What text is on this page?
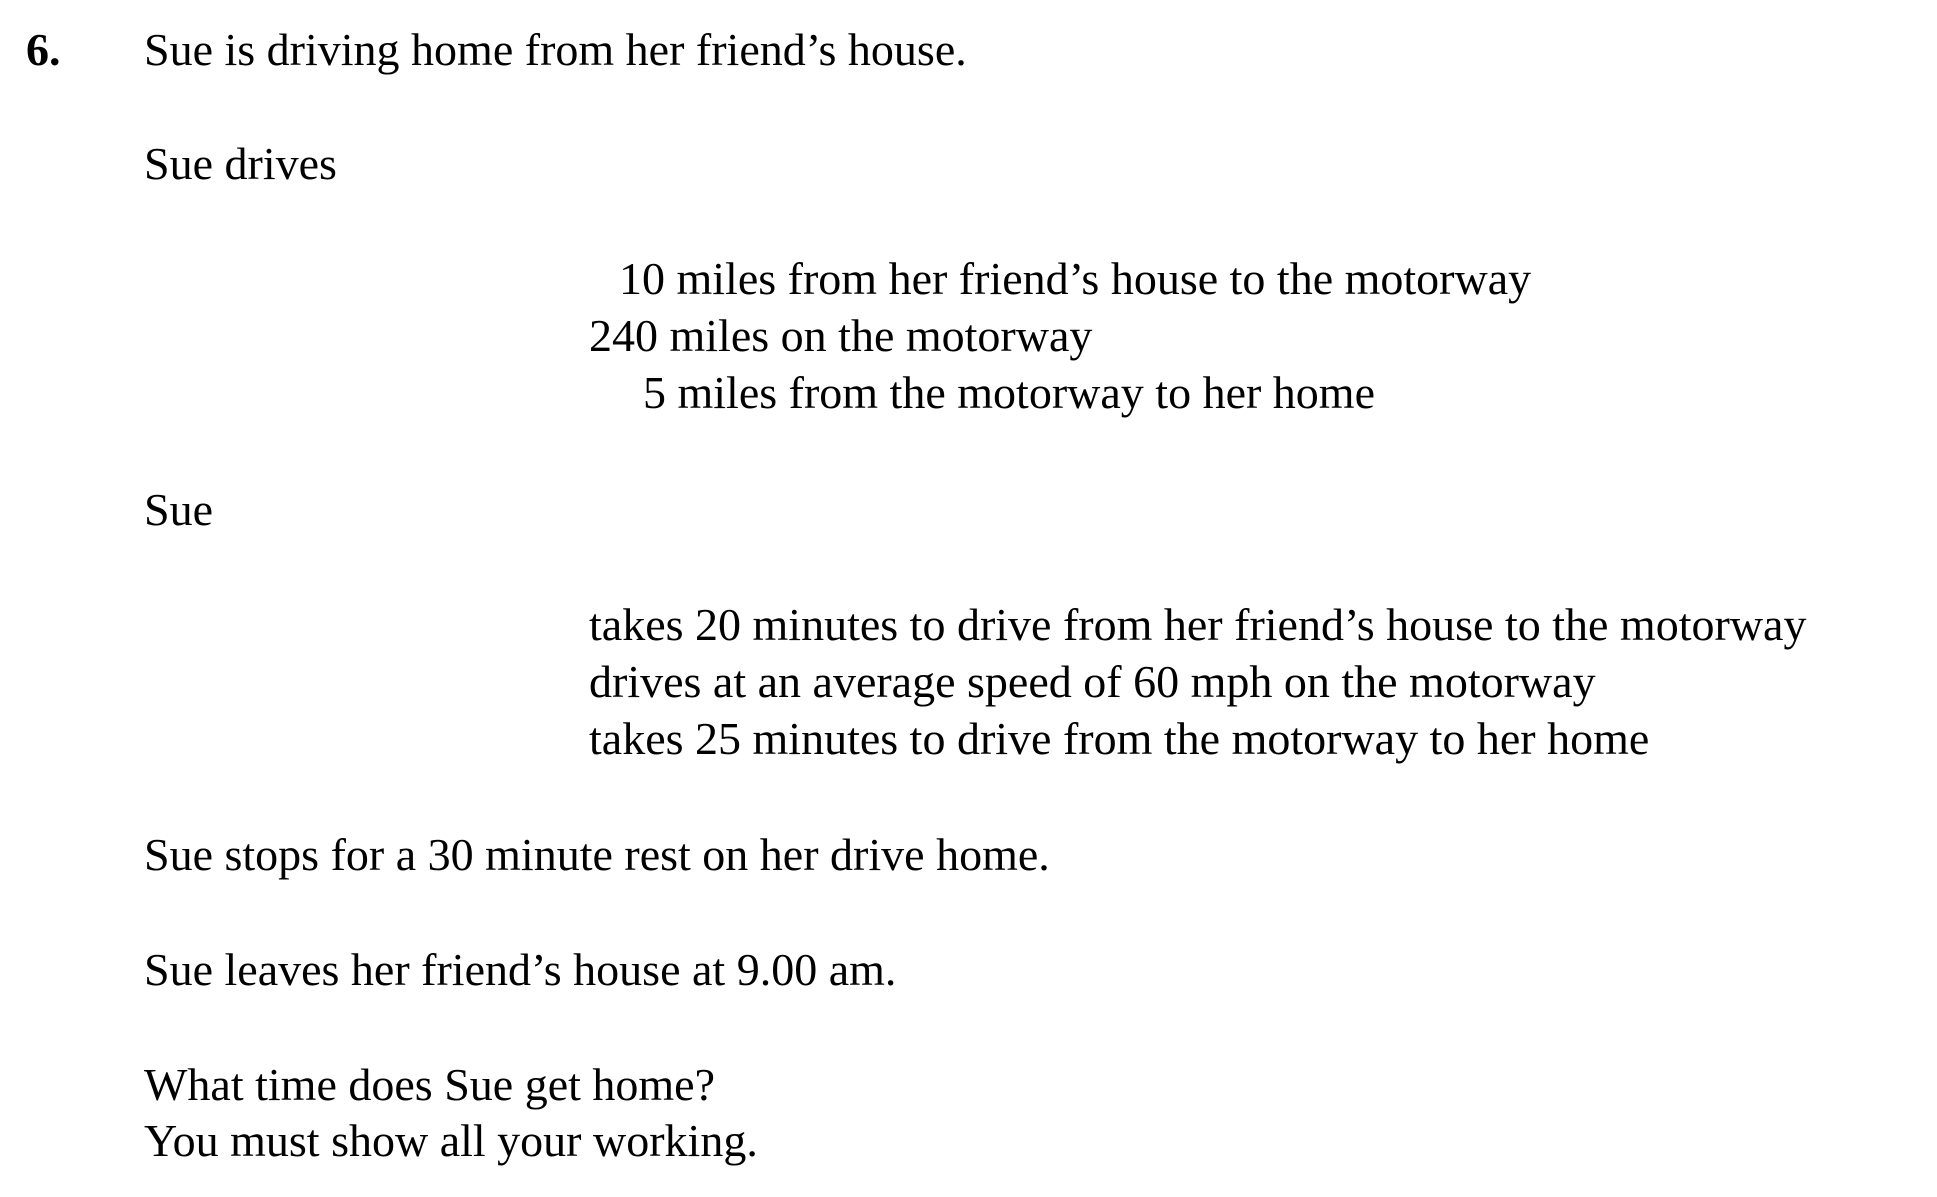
6. Sue is driving home from her friend’s house.
Sue drives
10 miles from her friend’s house to the motorway
240 miles on the motorway
5 miles from the motorway to her home
Sue
takes 20 minutes to drive from her friend’s house to the motorway
drives at an average speed of 60 mph on the motorway
takes 25 minutes to drive from the motorway to her home
Sue stops for a 30 minute rest on her drive home.
Sue leaves her friend’s house at 9.00 am.
What time does Sue get home?
You must show all your working.
